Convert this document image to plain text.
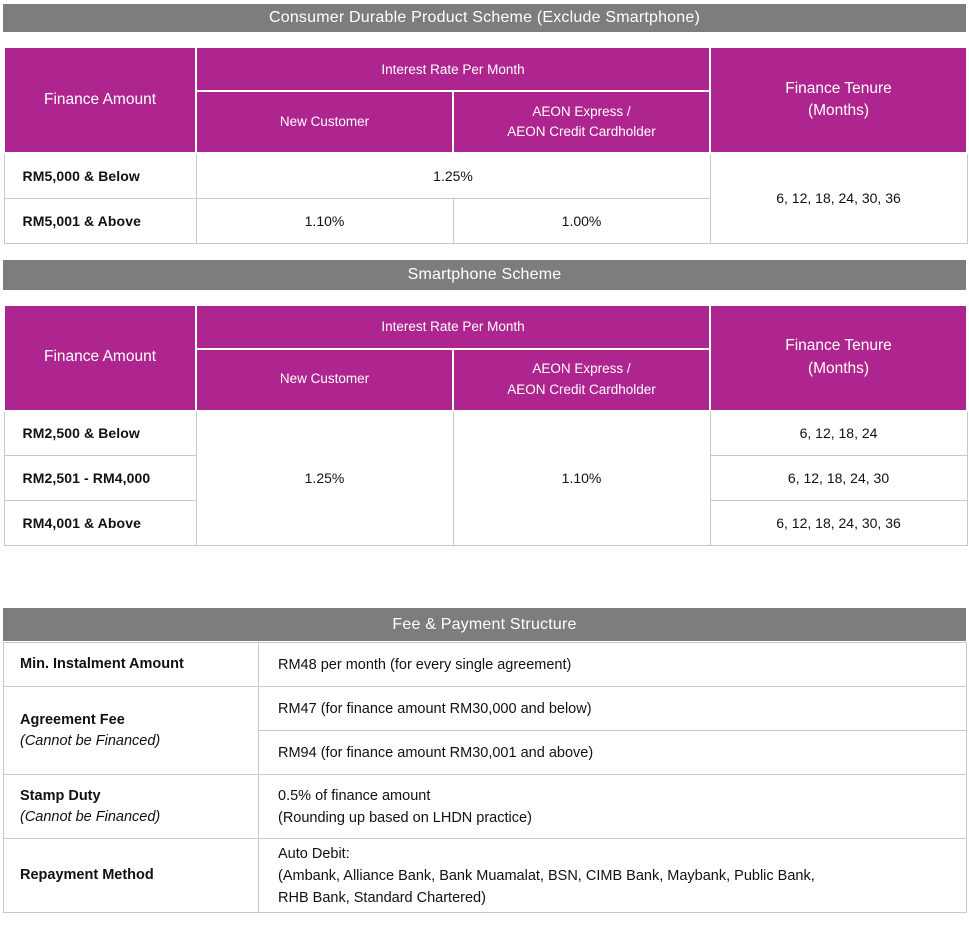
Consumer Durable Product Scheme (Exclude Smartphone)
Finance Amount	Interest Rate Per Month		Finance Tenure
(Months)

	New Customer	AEON Express /
AEON Credit Cardholder	

RM5,000 & Below	1.25%		6, 12, 18, 24, 30, 36
RM5,001 & Above	1.10%	1.00%	
Smartphone Scheme
Finance Amount	Interest Rate Per Month		Finance Tenure
(Months)

	New Customer	AEON Express /
AEON Credit Cardholder	

RM2,500 & Below	1.25%	1.10%	6, 12, 18, 24
RM2,501 - RM4,000			6, 12, 18, 24, 30
RM4,001 & Above			6, 12, 18, 24, 30, 36
Fee & Payment Structure
Min. Instalment Amount	RM48 per month (for every single agreement)
Agreement Fee
(Cannot be Financed)	RM47 (for finance amount RM30,000 and below)
	RM94 (for finance amount RM30,001 and above)
Stamp Duty
(Cannot be Financed)	0.5% of finance amount
(Rounding up based on LHDN practice)

Repayment Method	Auto Debit:
(Ambank, Alliance Bank, Bank Muamalat, BSN, CIMB Bank, Maybank, Public Bank,
RHB Bank, Standard Chartered)
